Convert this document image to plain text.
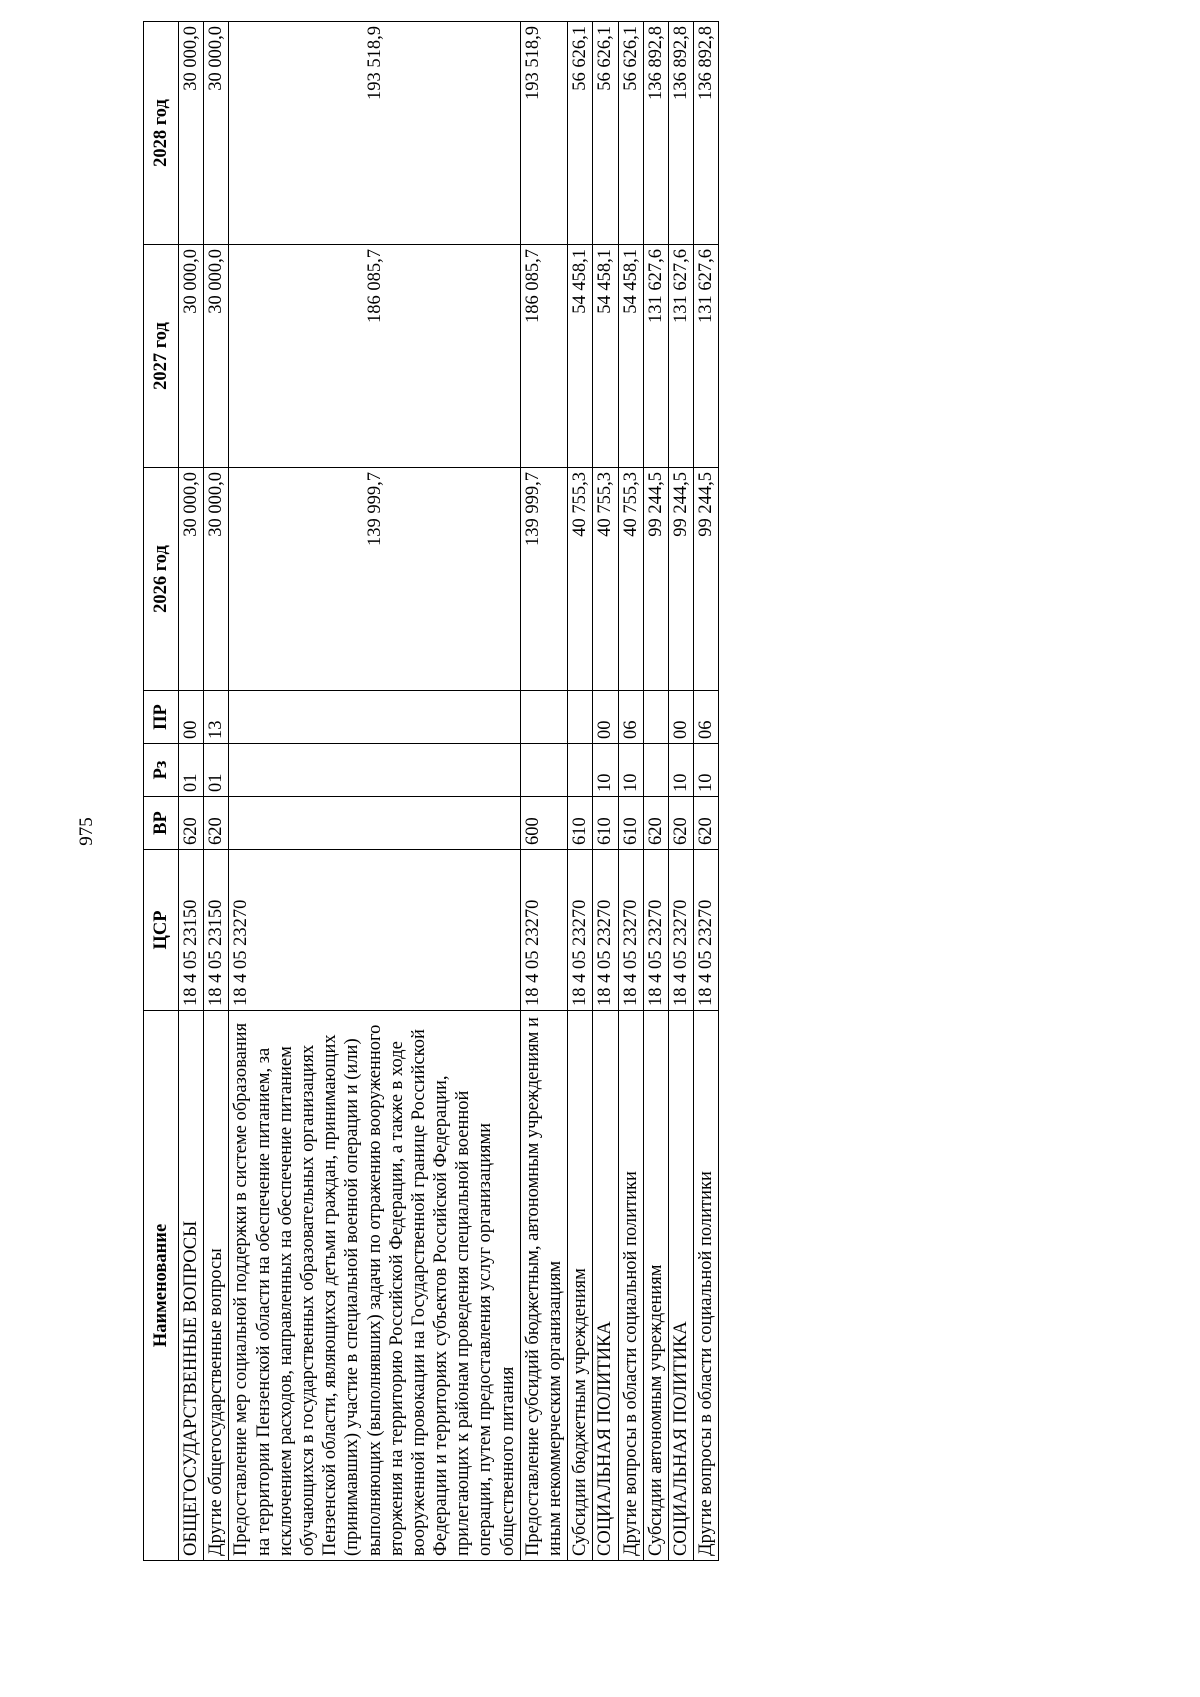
975
Наименование	ЦСР	ВР	Рз	ПР	2026 год	2027 год	2028 год
ОБЩЕГОСУДАРСТВЕННЫЕ ВОПРОСЫ	18 4 05 23150	620	01	00	30 000,0	30 000,0	30 000,0
Другие общегосударственные вопросы	18 4 05 23150	620	01	13	30 000,0	30 000,0	30 000,0
Предоставление мер социальной поддержки в системе образования на территории Пензенской области на обеспечение питанием, за исключением расходов, направленных на обеспечение питанием обучающихся в государственных образовательных организациях Пензенской области, являющихся детьми граждан, принимающих (принимавших) участие в специальной военной операции и (или) выполняющих (выполнявших) задачи по отражению вооруженного вторжения на территорию Российской Федерации, а также в ходе вооруженной провокации на Государственной границе Российской Федерации и территориях субъектов Российской Федерации, прилегающих к районам проведения специальной военной операции, путем предоставления услуг организациями общественного питания	18 4 05 23270				139 999,7	186 085,7	193 518,9
Предоставление субсидий бюджетным, автономным учреждениям и иным некоммерческим организациям	18 4 05 23270	600			139 999,7	186 085,7	193 518,9
Субсидии бюджетным учреждениям	18 4 05 23270	610			40 755,3	54 458,1	56 626,1
СОЦИАЛЬНАЯ ПОЛИТИКА	18 4 05 23270	610	10	00	40 755,3	54 458,1	56 626,1
Другие вопросы в области социальной политики	18 4 05 23270	610	10	06	40 755,3	54 458,1	56 626,1
Субсидии автономным учреждениям	18 4 05 23270	620			99 244,5	131 627,6	136 892,8
СОЦИАЛЬНАЯ ПОЛИТИКА	18 4 05 23270	620	10	00	99 244,5	131 627,6	136 892,8
Другие вопросы в области социальной политики	18 4 05 23270	620	10	06	99 244,5	131 627,6	136 892,8
